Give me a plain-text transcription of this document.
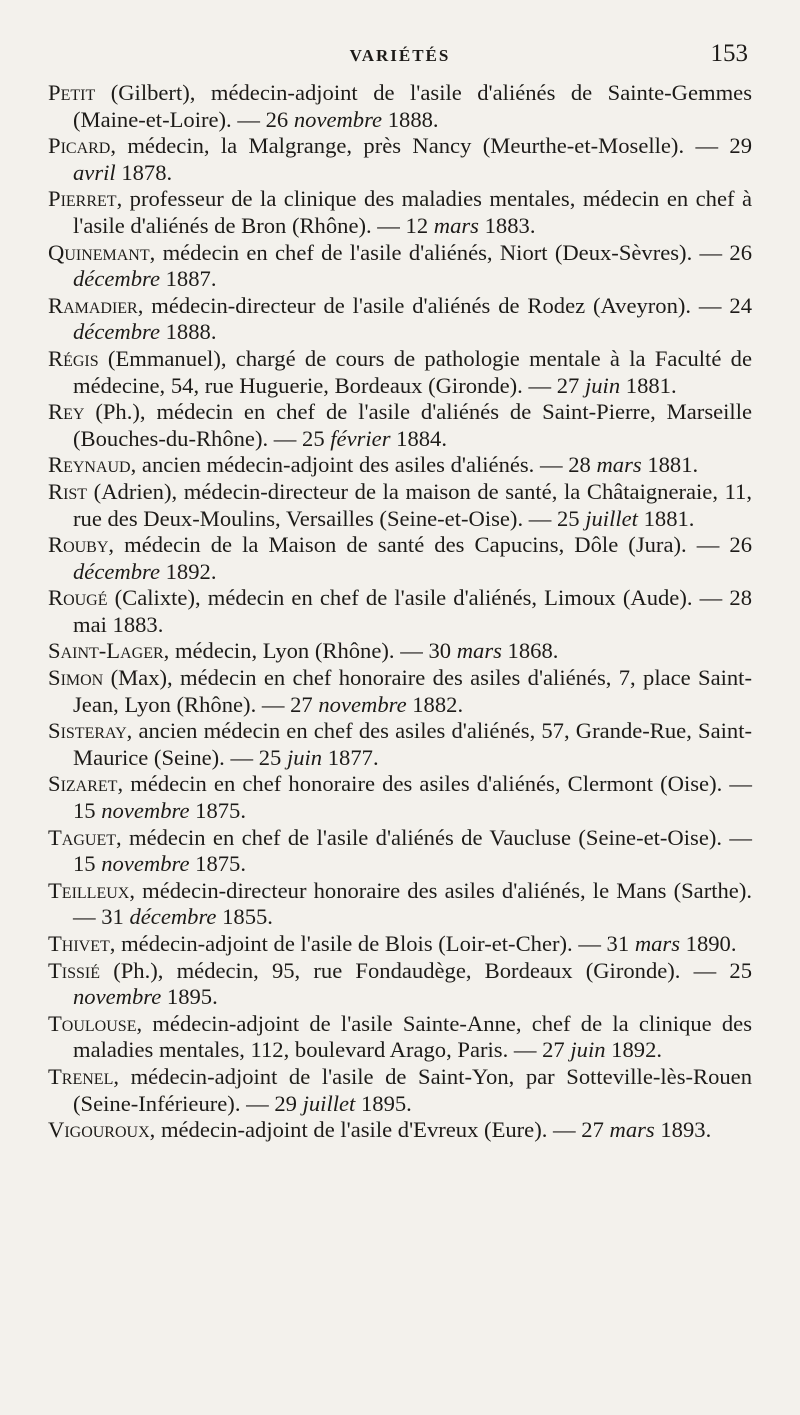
VARIÉTÉS	153

Petit (Gilbert), médecin-adjoint de l'asile d'aliénés de Sainte-Gemmes (Maine-et-Loire). — 26 novembre 1888.

Picard, médecin, la Malgrange, près Nancy (Meurthe-et-Moselle). — 29 avril 1878.

Pierret, professeur de la clinique des maladies mentales, médecin en chef à l'asile d'aliénés de Bron (Rhône). — 12 mars 1883.

Quinemant, médecin en chef de l'asile d'aliénés, Niort (Deux-Sèvres). — 26 décembre 1887.

Ramadier, médecin-directeur de l'asile d'aliénés de Rodez (Aveyron). — 24 décembre 1888.

Régis (Emmanuel), chargé de cours de pathologie mentale à la Faculté de médecine, 54, rue Huguerie, Bordeaux (Gironde). — 27 juin 1881.

Rey (Ph.), médecin en chef de l'asile d'aliénés de Saint-Pierre, Marseille (Bouches-du-Rhône). — 25 février 1884.

Reynaud, ancien médecin-adjoint des asiles d'aliénés. — 28 mars 1881.

Rist (Adrien), médecin-directeur de la maison de santé, la Châtaigneraie, 11, rue des Deux-Moulins, Versailles (Seine-et-Oise). — 25 juillet 1881.

Rouby, médecin de la Maison de santé des Capucins, Dôle (Jura). — 26 décembre 1892.

Rougé (Calixte), médecin en chef de l'asile d'aliénés, Limoux (Aude). — 28 mai 1883.

Saint-Lager, médecin, Lyon (Rhône). — 30 mars 1868.

Simon (Max), médecin en chef honoraire des asiles d'aliénés, 7, place Saint-Jean, Lyon (Rhône). — 27 novembre 1882.

Sisteray, ancien médecin en chef des asiles d'aliénés, 57, Grande-Rue, Saint-Maurice (Seine). — 25 juin 1877.

Sizaret, médecin en chef honoraire des asiles d'aliénés, Clermont (Oise). — 15 novembre 1875.

Taguet, médecin en chef de l'asile d'aliénés de Vaucluse (Seine-et-Oise). — 15 novembre 1875.

Teilleux, médecin-directeur honoraire des asiles d'aliénés, le Mans (Sarthe). — 31 décembre 1855.

Thivet, médecin-adjoint de l'asile de Blois (Loir-et-Cher). — 31 mars 1890.

Tissié (Ph.), médecin, 95, rue Fondaudège, Bordeaux (Gironde). — 25 novembre 1895.

Toulouse, médecin-adjoint de l'asile Sainte-Anne, chef de la clinique des maladies mentales, 112, boulevard Arago, Paris. — 27 juin 1892.

Trenel, médecin-adjoint de l'asile de Saint-Yon, par Sotteville-lès-Rouen (Seine-Inférieure). — 29 juillet 1895.

Vigouroux, médecin-adjoint de l'asile d'Evreux (Eure). — 27 mars 1893.
